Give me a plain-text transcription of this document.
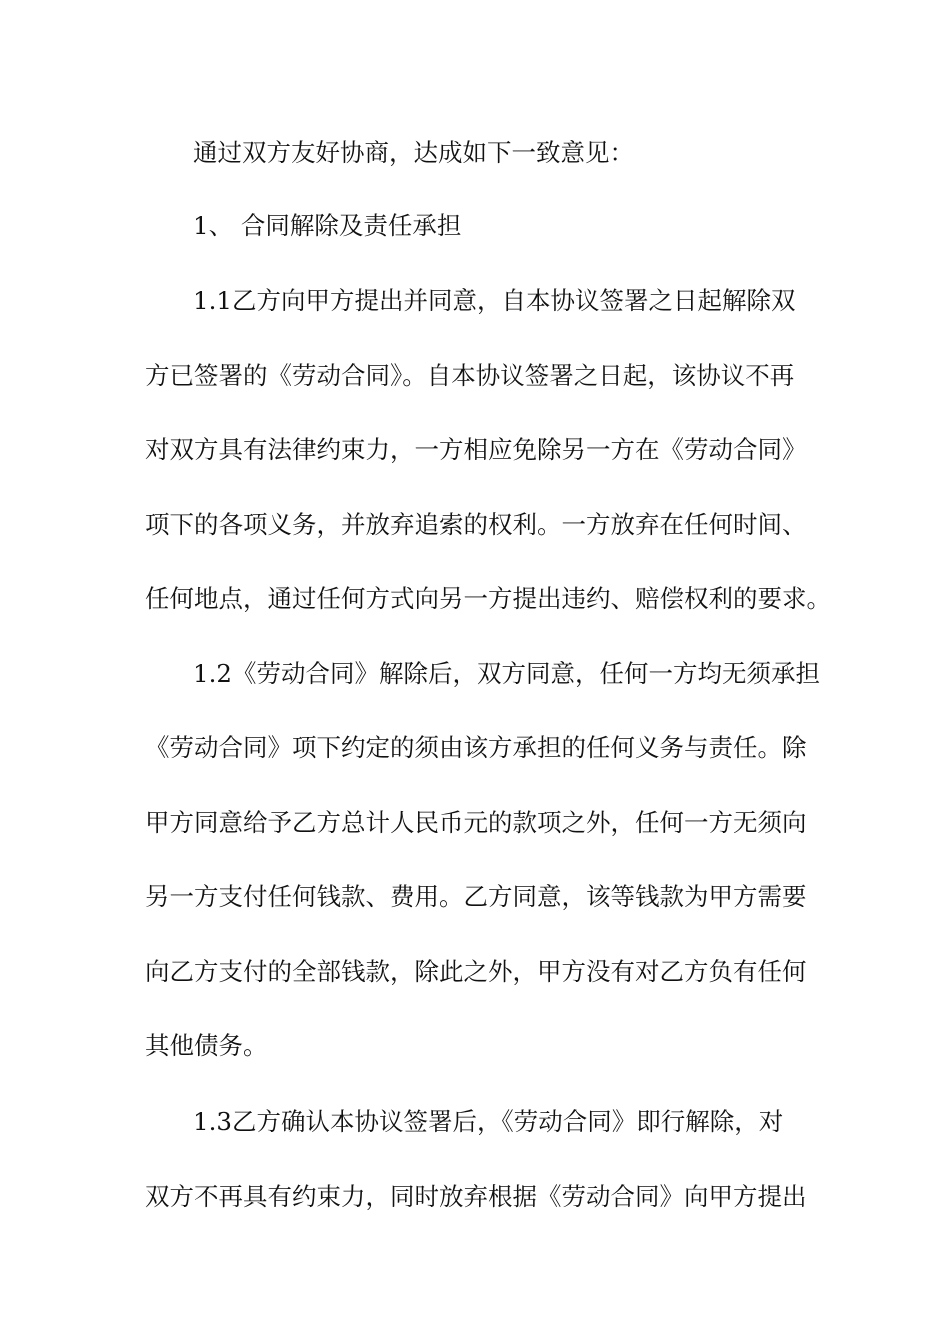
通过双方友好协商，达成如下一致意见：
1、 合同解除及责任承担
1.1乙方向甲方提出并同意，自本协议签署之日起解除双
方已签署的《劳动合同》。自本协议签署之日起，该协议不再
对双方具有法律约束力，一方相应免除另一方在《劳动合同》
项下的各项义务，并放弃追索的权利。一方放弃在任何时间、
任何地点，通过任何方式向另一方提出违约、赔偿权利的要求。
1.2《劳动合同》解除后，双方同意，任何一方均无须承担
《劳动合同》项下约定的须由该方承担的任何义务与责任。除
甲方同意给予乙方总计人民币元的款项之外，任何一方无须向
另一方支付任何钱款、费用。乙方同意，该等钱款为甲方需要
向乙方支付的全部钱款，除此之外，甲方没有对乙方负有任何
其他债务。
1.3乙方确认本协议签署后，《劳动合同》即行解除，对
双方不再具有约束力，同时放弃根据《劳动合同》向甲方提出
